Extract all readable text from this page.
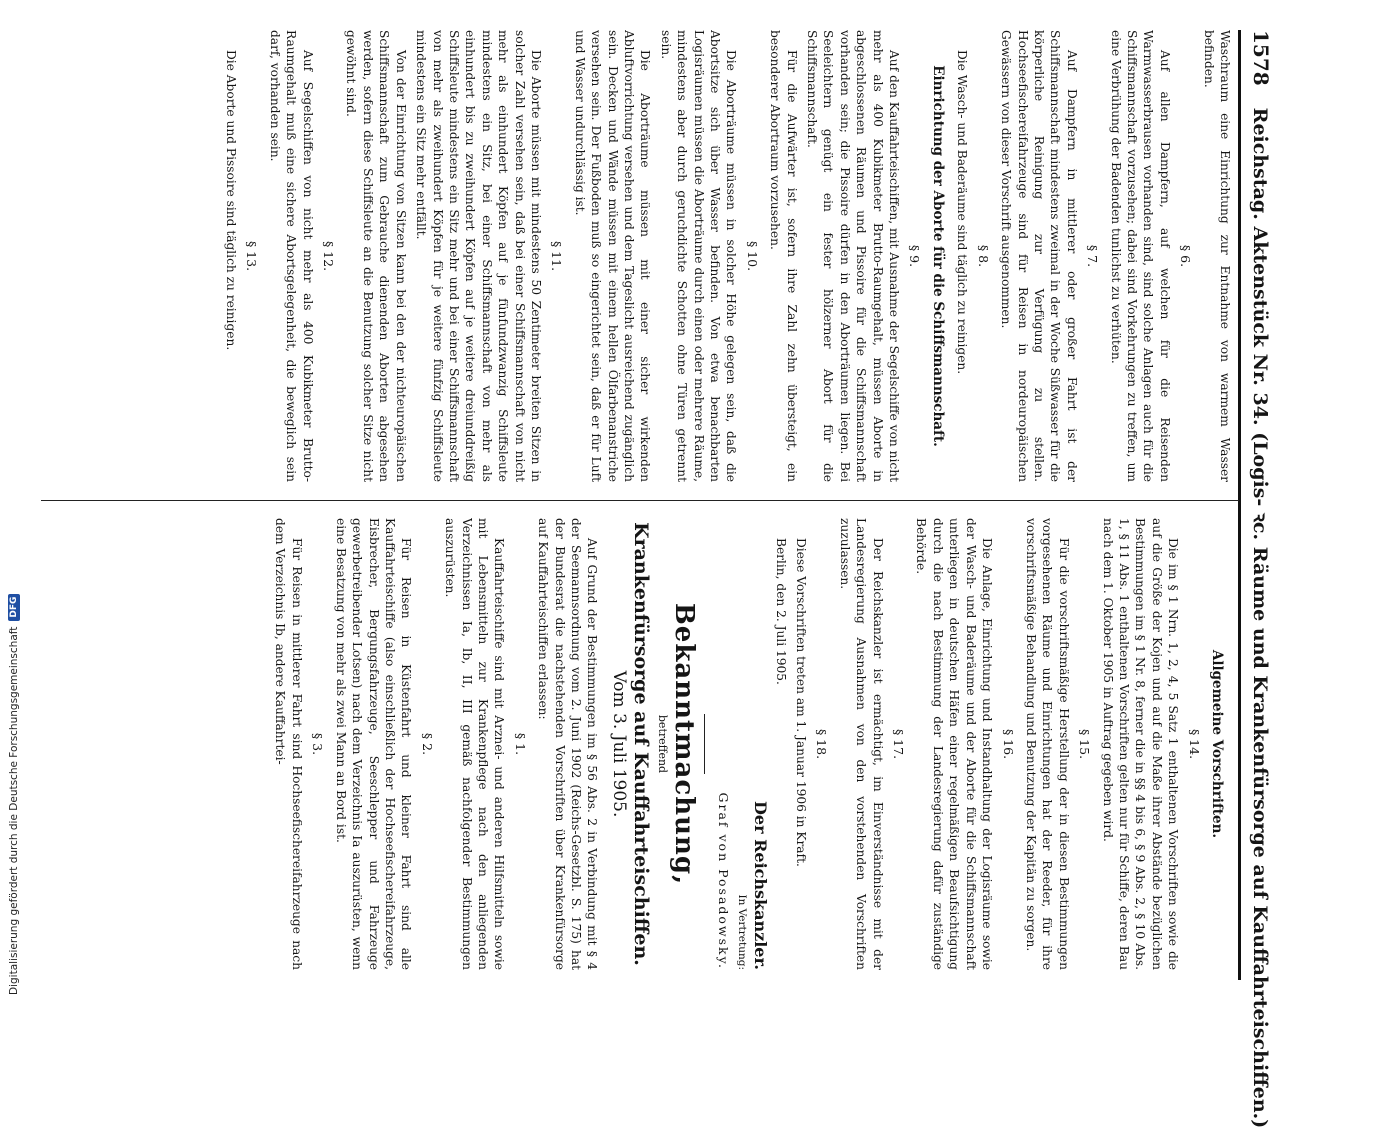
1578
Reichstag. Aktenstück Nr. 34. (Logis- ꝛc. Räume und Krankenfürsorge auf Kauffahrteischiffen.)

Waschraum eine Einrichtung zur Entnahme von warmem Wasser befinden.

§ 6.

Auf allen Dampfern, auf welchen für die Reisenden Warmwasserbrausen vorhanden sind, sind solche Anlagen auch für die Schiffsmannschaft vorzusehen; dabei sind Vorkehrungen zu treffen, um eine Verbrühung der Badenden tunlichst zu verhüten.

§ 7.

Auf Dampfern in mittlerer oder großer Fahrt ist der Schiffsmannschaft mindestens zweimal in der Woche Süßwasser für die körperliche Reinigung zur Verfügung zu stellen. Hochseefischereifahrzeuge sind für Reisen in nordeuropäischen Gewässern von dieser Vorschrift ausgenommen.

§ 8.

Die Wasch- und Baderäume sind täglich zu reinigen.

Einrichtung der Aborte für die Schiffsmannschaft.
§ 9.

Auf den Kauffahrteischiffen, mit Ausnahme der Segelschiffe von nicht mehr als 400 Kubikmeter Brutto-Raumgehalt, müssen Aborte in abgeschlossenen Räumen und Pissoire für die Schiffsmannschaft vorhanden sein; die Pissoire dürfen in den Aborträumen liegen. Bei Seeleichtern genügt ein fester hölzerner Abort für die Schiffsmannschaft.

Für die Aufwärter ist, sofern ihre Zahl zehn übersteigt, ein besonderer Abortraum vorzusehen.

§ 10.

Die Aborträume müssen in solcher Höhe gelegen sein, daß die Abortsitze sich über Wasser befinden. Von etwa benachbarten Logisräumen müssen die Aborträume durch einen oder mehrere Räume, mindestens aber durch geruchdichte Schotten ohne Türen getrennt sein.

Die Aborträume müssen mit einer sicher wirkenden Abluftvorrichtung versehen und dem Tageslicht ausreichend zugänglich sein. Decken und Wände müssen mit einem hellen Ölfarbenanstriche versehen sein. Der Fußboden muß so eingerichtet sein, daß er für Luft und Wasser undurchlässig ist.

§ 11.

Die Aborte müssen mit mindestens 50 Zentimeter breiten Sitzen in solcher Zahl versehen sein, daß bei einer Schiffsmannschaft von nicht mehr als einhundert Köpfen auf je fünfundzwanzig Schiffsleute mindestens ein Sitz, bei einer Schiffsmannschaft von mehr als einhundert bis zu zweihundert Köpfen auf je weitere dreiunddreißig Schiffsleute mindestens ein Sitz mehr und bei einer Schiffsmannschaft von mehr als zweihundert Köpfen für je weitere fünfzig Schiffsleute mindestens ein Sitz mehr entfällt.

Von der Einrichtung von Sitzen kann bei den der nichteuropäischen Schiffsmannschaft zum Gebrauche dienenden Aborten abgesehen werden, sofern diese Schiffsleute an die Benutzung solcher Sitze nicht gewöhnt sind.

§ 12.

Auf Segelschiffen von nicht mehr als 400 Kubikmeter Brutto-Raumgehalt muß eine sichere Abortsgelegenheit, die beweglich sein darf, vorhanden sein.

§ 13.

Die Aborte und Pissoire sind täglich zu reinigen.

Allgemeine Vorschriften.
§ 14.

Die im § 1 Nrn. 1, 2, 4, 5 Satz 1 enthaltenen Vorschriften sowie die auf die Größe der Kojen und auf die Maße ihrer Abstände bezüglichen Bestimmungen im § 1 Nr. 8, ferner die in §§ 4 bis 6, § 9 Abs. 2, § 10 Abs. 1, § 11 Abs. 1 enthaltenen Vorschriften gelten nur für Schiffe, deren Bau nach dem 1. Oktober 1905 in Auftrag gegeben wird.

§ 15.

Für die vorschriftsmäßige Herstellung der in diesen Bestimmungen vorgesehenen Räume und Einrichtungen hat der Reeder, für ihre vorschriftsmäßige Behandlung und Benutzung der Kapitän zu sorgen.

§ 16.

Die Anlage, Einrichtung und Instandhaltung der Logisräume sowie der Wasch- und Baderäume und der Aborte für die Schiffsmannschaft unterliegen in deutschen Häfen einer regelmäßigen Beaufsichtigung durch die nach Bestimmung der Landesregierung dafür zuständige Behörde.

§ 17.

Der Reichskanzler ist ermächtigt, im Einverständnisse mit der Landesregierung Ausnahmen von den vorstehenden Vorschriften zuzulassen.

§ 18.

Diese Vorschriften treten am 1. Januar 1906 in Kraft.

Berlin, den 2. Juli 1905.

Der Reichskanzler.
In Vertretung:
Graf von Posadowsky.
Bekanntmachung,
betreffend
Krankenfürsorge auf Kauffahrteischiffen.
Vom 3. Juli 1905.

Auf Grund der Bestimmungen im § 56 Abs. 2 in Verbindung mit § 4 der Seemannsordnung vom 2. Juni 1902 (Reichs-Gesetzbl. S. 175) hat der Bundesrat die nachstehenden Vorschriften über Krankenfürsorge auf Kauffahrteischiffen erlassen:

§ 1.

Kauffahrteischiffe sind mit Arznei- und anderen Hilfsmitteln sowie mit Lebensmitteln zur Krankenpflege nach den anliegenden Verzeichnissen Ia, Ib, II, III gemäß nachfolgender Bestimmungen auszurüsten.

§ 2.

Für Reisen in Küstenfahrt und kleiner Fahrt sind alle Kauffahrteischiffe (also einschließlich der Hochseefischereifahrzeuge, Eisbrecher, Bergungsfahrzeuge, Seeschlepper und Fahrzeuge gewerbetreibender Lotsen) nach dem Verzeichnis Ia auszurüsten, wenn eine Besatzung von mehr als zwei Mann an Bord ist.

§ 3.

Für Reisen in mittlerer Fahrt sind Hochseefischereifahrzeuge nach dem Verzeichnis Ib, andere Kauffahrtei-

Digitalisierung gefördert durch die Deutsche Forschungsgemeinschaft
DFG
